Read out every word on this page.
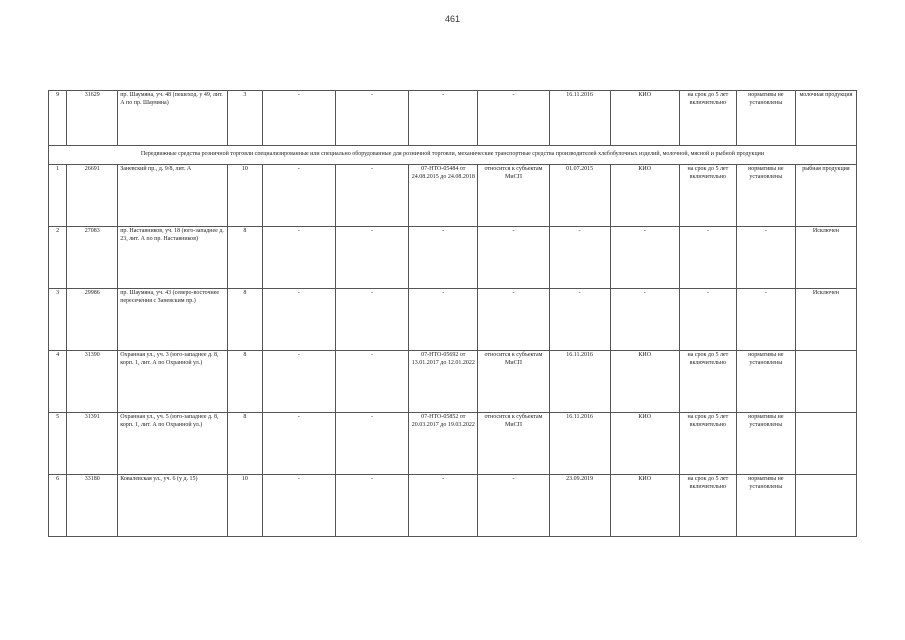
461
9	31629	пр. Шаумяна, уч. 48 (пешеход. у 49, лит. А по пр. Шаумяна)	3	-	-	-	-	16.11.2016	КИО	на срок до 5 лет включительно	нормативы не установлены	молочная продукция
Передвижные средства розничной торговли специализированные или специально оборудованные для розничной торговли, механические транспортные средства производителей хлебобулочных изделий, молочной, мясной и рыбной продукции												
1	26691	Заневский пр., д. 9/8, лит. А	10	-	-	07-НТО-05484 от 24.08.2015 до 24.08.2018	относится к субъектам МиСП	01.07.2015	КИО	на срок до 5 лет включительно	нормативы не установлены	рыбная продукция
2	27083	пр. Наставников, уч. 18 (юго-западнее д. 23, лит. А по пр. Наставников)	8	-	-	-	-	-	-	-	-	Исключен
3	29986	пр. Шаумяна, уч. 43 (северо-восточнее пересечения с Заневским пр.)	8	-	-	-	-	-	-	-	-	Исключен
4	31390	Охранная ул., уч. 3 (юго-западнее д. 8, корп. 1, лит. А по Охранной ул.)	8	-	-	07-НТО-05692 от 13.01.2017 до 12.01.2022	относится к субъектам МиСП	16.11.2016	КИО	на срок до 5 лет включительно	нормативы не установлены	
5	31391	Охранная ул., уч. 5 (юго-западнее д. 8, корп. 1, лит. А по Охранной ул.)	8	-	-	07-НТО-05852 от 20.03.2017 до 19.03.2022	относится к субъектам МиСП	16.11.2016	КИО	на срок до 5 лет включительно	нормативы не установлены	
6	33180	Ковалевская ул., уч. 6 (у д. 15)	10	-	-	-	-	23.09.2019	КИО	на срок до 5 лет включительно	нормативы не установлены	
